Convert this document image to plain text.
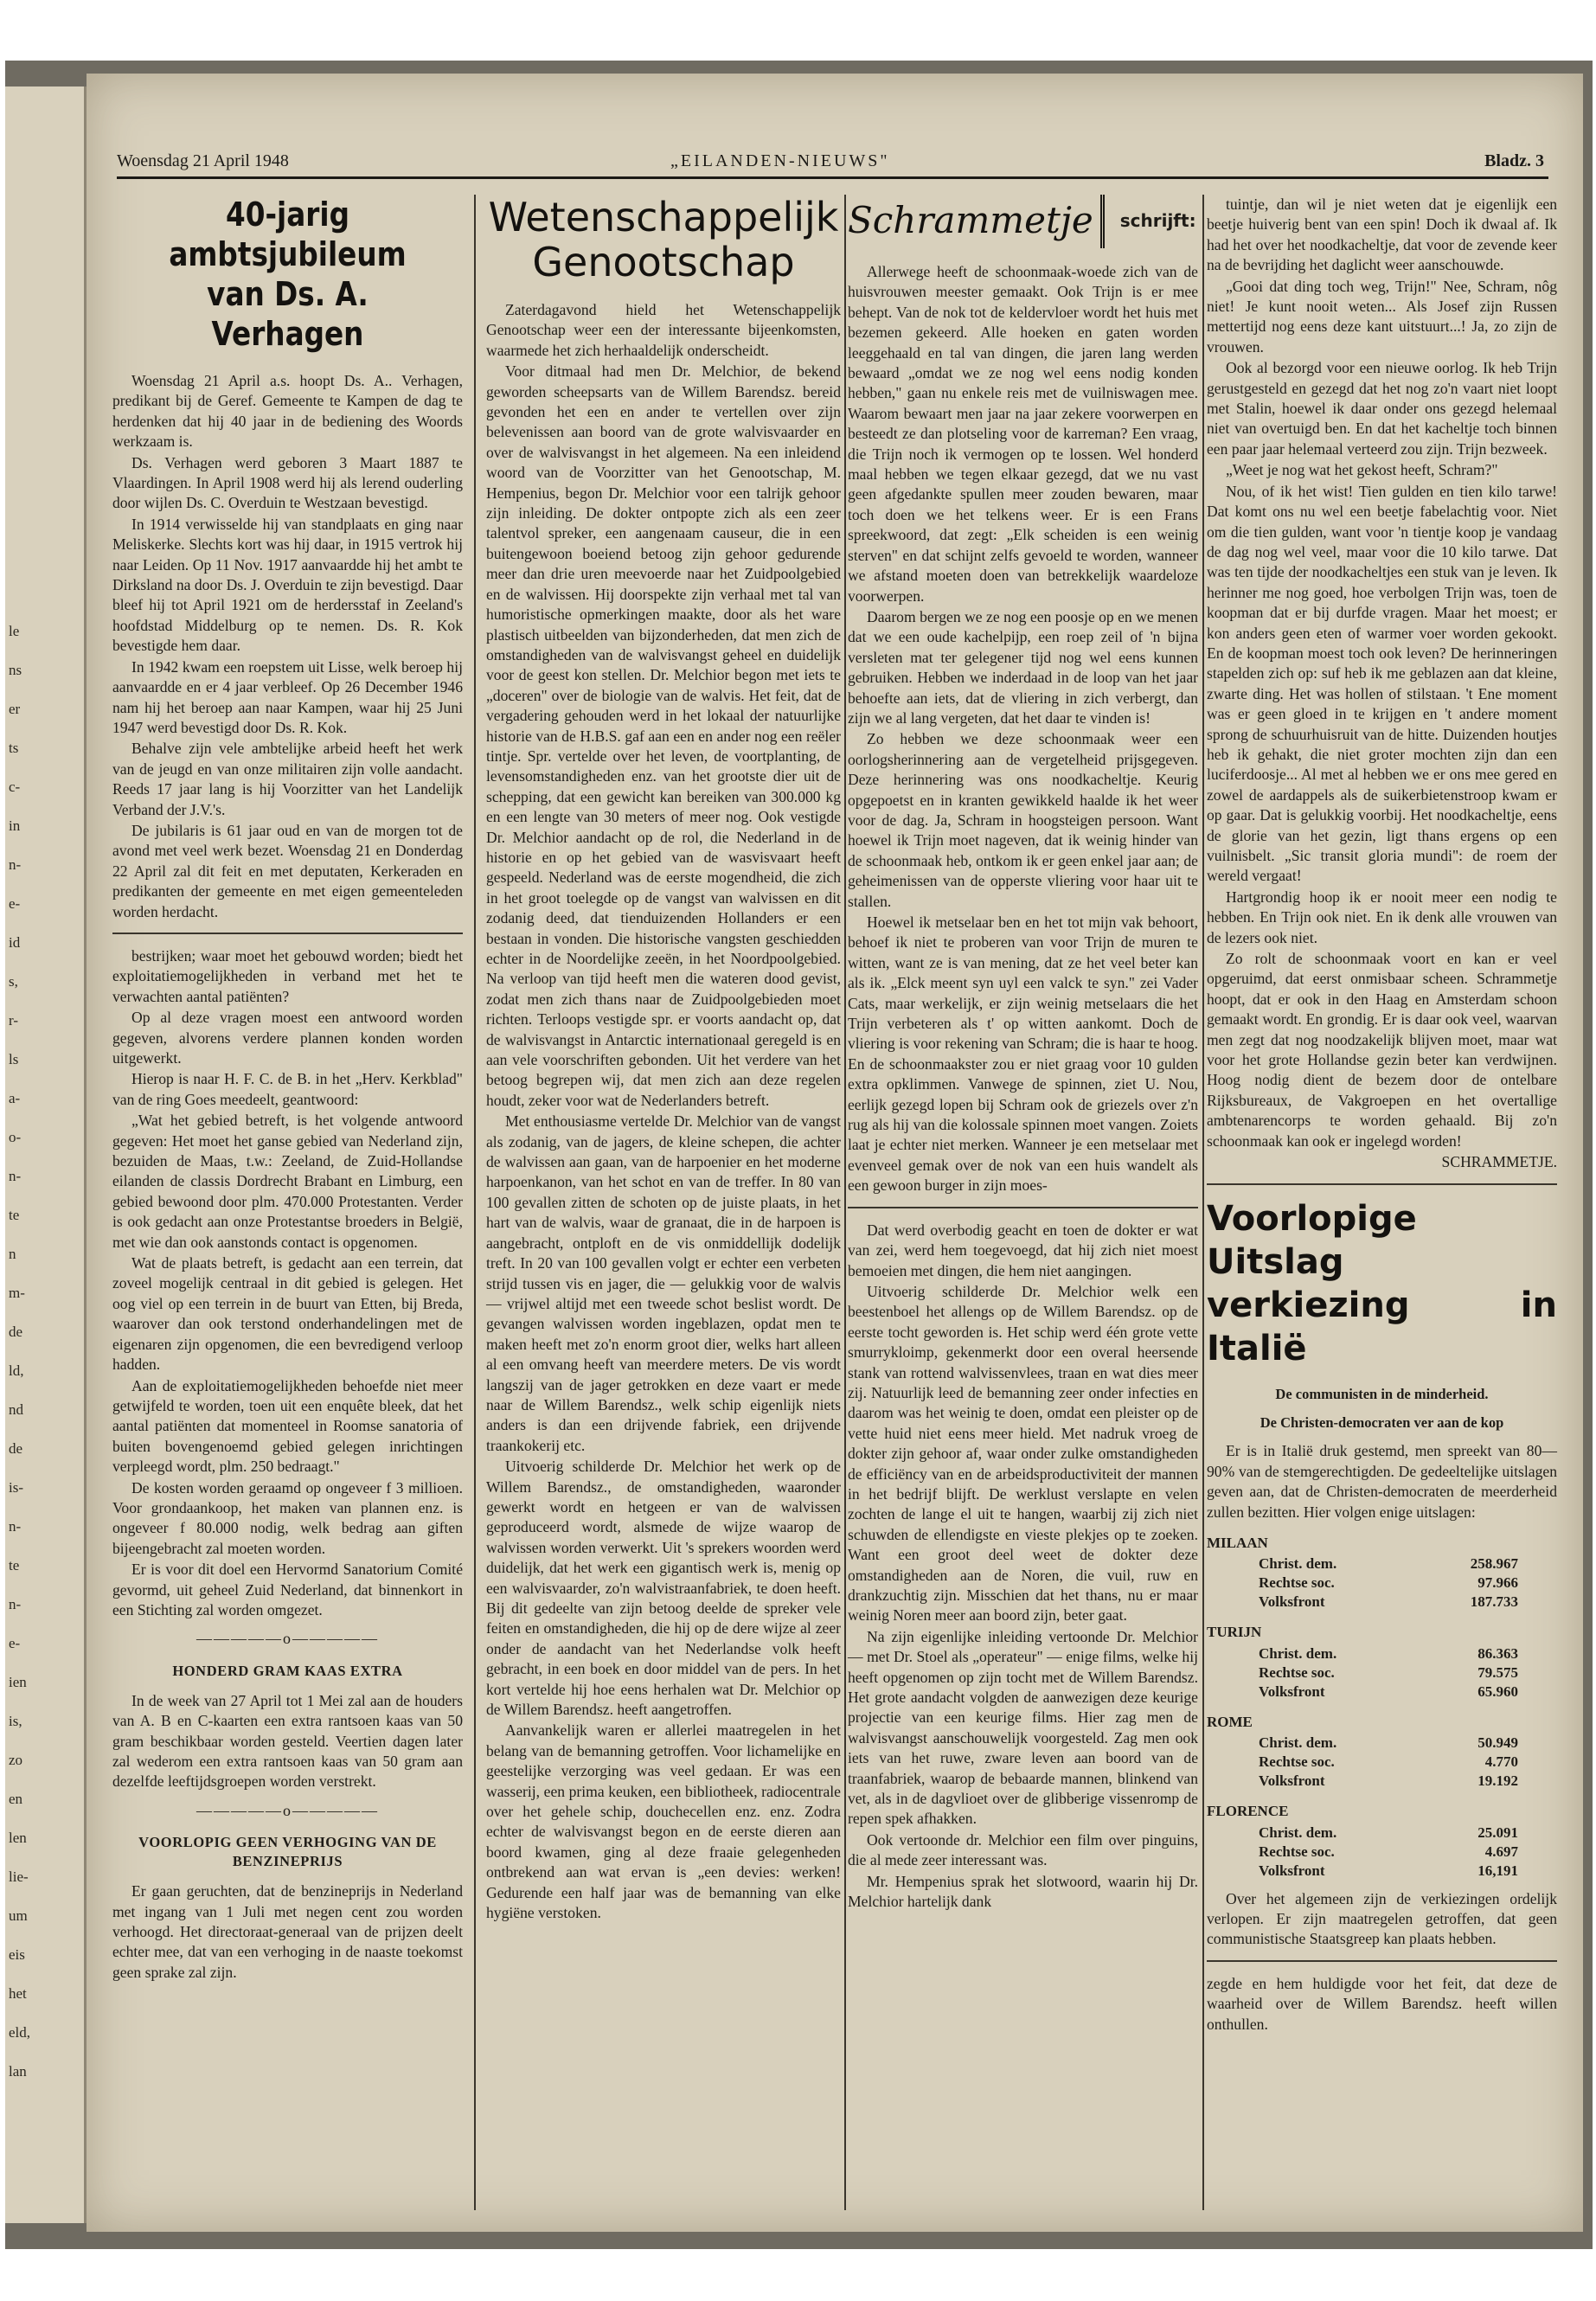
le
ns
er
ts
c-
in
n-
e-
id
s,
r-
ls
a-
o-
n-
te
n
m-
de
ld,
nd
de
is-
n-
te
n-
e-
ien
is,
zo
en
len
lie-
um
eis
het
eld,
lan
Woensdag 21 April 1948	„EILANDEN-NIEUWS"	Bladz. 3
40-jarig ambtsjubileum van Ds. A. Verhagen

Woensdag 21 April a.s. hoopt Ds. A.. Verhagen, predikant bij de Geref. Gemeente te Kampen de dag te herdenken dat hij 40 jaar in de bediening des Woords werkzaam is.

Ds. Verhagen werd geboren 3 Maart 1887 te Vlaardingen. In April 1908 werd hij als lerend ouderling door wijlen Ds. C. Overduin te Westzaan bevestigd.

In 1914 verwisselde hij van standplaats en ging naar Meliskerke. Slechts kort was hij daar, in 1915 vertrok hij naar Leiden. Op 11 Nov. 1917 aanvaardde hij het ambt te Dirksland na door Ds. J. Overduin te zijn bevestigd. Daar bleef hij tot April 1921 om de herdersstaf in Zeeland's hoofdstad Middelburg op te nemen. Ds. R. Kok bevestigde hem daar.

In 1942 kwam een roepstem uit Lisse, welk beroep hij aanvaardde en er 4 jaar verbleef. Op 26 December 1946 nam hij het beroep aan naar Kampen, waar hij 25 Juni 1947 werd bevestigd door Ds. R. Kok.

Behalve zijn vele ambtelijke arbeid heeft het werk van de jeugd en van onze militairen zijn volle aandacht. Reeds 17 jaar lang is hij Voorzitter van het Landelijk Verband der J.V.'s.

De jubilaris is 61 jaar oud en van de morgen tot de avond met veel werk bezet. Woensdag 21 en Donderdag 22 April zal dit feit en met deputaten, Kerkeraden en predikanten der gemeente en met eigen gemeenteleden worden herdacht.

bestrijken; waar moet het gebouwd worden; biedt het exploitatiemogelijkheden in verband met het te verwachten aantal patiënten?

Op al deze vragen moest een antwoord worden gegeven, alvorens verdere plannen konden worden uitgewerkt.

Hierop is naar H. F. C. de B. in het „Herv. Kerkblad" van de ring Goes meedeelt, geantwoord:

„Wat het gebied betreft, is het volgende antwoord gegeven: Het moet het ganse gebied van Nederland zijn, bezuiden de Maas, t.w.: Zeeland, de Zuid-Hollandse eilanden de classis Dordrecht Brabant en Limburg, een gebied bewoond door plm. 470.000 Protestanten. Verder is ook gedacht aan onze Protestantse broeders in België, met wie dan ook aanstonds contact is opgenomen.

Wat de plaats betreft, is gedacht aan een terrein, dat zoveel mogelijk centraal in dit gebied is gelegen. Het oog viel op een terrein in de buurt van Etten, bij Breda, waarover dan ook terstond onderhandelingen met de eigenaren zijn opgenomen, die een bevredigend verloop hadden.

Aan de exploitatiemogelijkheden behoefde niet meer getwijfeld te worden, toen uit een enquête bleek, dat het aantal patiënten dat momenteel in Roomse sanatoria of buiten bovengenoemd gebied gelegen inrichtingen verpleegd wordt, plm. 250 bedraagt."

De kosten worden geraamd op ongeveer f 3 millioen. Voor grondaankoop, het maken van plannen enz. is ongeveer f 80.000 nodig, welk bedrag aan giften bijeengebracht zal moeten worden.

Er is voor dit doel een Hervormd Sanatorium Comité gevormd, uit geheel Zuid Nederland, dat binnenkort in een Stichting zal worden omgezet.

—————o—————
HONDERD GRAM KAAS EXTRA

In de week van 27 April tot 1 Mei zal aan de houders van A. B en C-kaarten een extra rantsoen kaas van 50 gram beschikbaar worden gesteld. Veertien dagen later zal wederom een extra rantsoen kaas van 50 gram aan dezelfde leeftijdsgroepen worden verstrekt.

—————o—————
VOORLOPIG GEEN VERHOGING VAN DE BENZINEPRIJS

Er gaan geruchten, dat de benzineprijs in Nederland met ingang van 1 Juli met negen cent zou worden verhoogd. Het directoraat-generaal van de prijzen deelt echter mee, dat van een verhoging in de naaste toekomst geen sprake zal zijn.

Wetenschappelijk Genootschap

Zaterdagavond hield het Wetenschappelijk Genootschap weer een der interessante bijeenkomsten, waarmede het zich herhaaldelijk onderscheidt.

Voor ditmaal had men Dr. Melchior, de bekend geworden scheepsarts van de Willem Barendsz. bereid gevonden het een en ander te vertellen over zijn belevenissen aan boord van de grote walvisvaarder en over de walvisvangst in het algemeen. Na een inleidend woord van de Voorzitter van het Genootschap, M. Hempenius, begon Dr. Melchior voor een talrijk gehoor zijn inleiding. De dokter ontpopte zich als een zeer talentvol spreker, een aangenaam causeur, die in een buitengewoon boeiend betoog zijn gehoor gedurende meer dan drie uren meevoerde naar het Zuidpoolgebied en de walvissen. Hij doorspekte zijn verhaal met tal van humoristische opmerkingen maakte, door als het ware plastisch uitbeelden van bijzonderheden, dat men zich de omstandigheden van de walvisvangst geheel en duidelijk voor de geest kon stellen. Dr. Melchior begon met iets te „doceren" over de biologie van de walvis. Het feit, dat de vergadering gehouden werd in het lokaal der natuurlijke historie van de H.B.S. gaf aan een en ander nog een reëler tintje. Spr. vertelde over het leven, de voortplanting, de levensomstandigheden enz. van het grootste dier uit de schepping, dat een gewicht kan bereiken van 300.000 kg en een lengte van 30 meters of meer nog. Ook vestigde Dr. Melchior aandacht op de rol, die Nederland in de historie en op het gebied van de wasvisvaart heeft gespeeld. Nederland was de eerste mogendheid, die zich in het groot toelegde op de vangst van walvissen en dit zodanig deed, dat tienduizenden Hollanders er een bestaan in vonden. Die historische vangsten geschiedden echter in de Noordelijke zeeën, in het Noordpoolgebied. Na verloop van tijd heeft men die wateren dood gevist, zodat men zich thans naar de Zuidpoolgebieden moet richten. Terloops vestigde spr. er voorts aandacht op, dat de walvisvangst in Antarctic internationaal geregeld is en aan vele voorschriften gebonden. Uit het verdere van het betoog begrepen wij, dat men zich aan deze regelen houdt, zeker voor wat de Nederlanders betreft.

Met enthousiasme vertelde Dr. Melchior van de vangst als zodanig, van de jagers, de kleine schepen, die achter de walvissen aan gaan, van de harpoenier en het moderne harpoenkanon, van het schot en van de treffer. In 80 van 100 gevallen zitten de schoten op de juiste plaats, in het hart van de walvis, waar de granaat, die in de harpoen is aangebracht, ontploft en de vis onmiddellijk dodelijk treft. In 20 van 100 gevallen volgt er echter een verbeten strijd tussen vis en jager, die — gelukkig voor de walvis — vrijwel altijd met een tweede schot beslist wordt. De gevangen walvissen worden ingeblazen, opdat men te maken heeft met zo'n enorm groot dier, welks hart alleen al een omvang heeft van meerdere meters. De vis wordt langszij van de jager getrokken en deze vaart er mede naar de Willem Barendsz., welk schip eigenlijk niets anders is dan een drijvende fabriek, een drijvende traankokerij etc.

Uitvoerig schilderde Dr. Melchior het werk op de Willem Barendsz., de omstandigheden, waaronder gewerkt wordt en hetgeen er van de walvissen geproduceerd wordt, alsmede de wijze waarop de walvissen worden verwerkt. Uit 's sprekers woorden werd duidelijk, dat het werk een gigantisch werk is, menig op een walvisvaarder, zo'n walvistraanfabriek, te doen heeft. Bij dit gedeelte van zijn betoog deelde de spreker vele feiten en omstandigheden, die hij op de dere wijze al zeer onder de aandacht van het Nederlandse volk heeft gebracht, in een boek en door middel van de pers. In het kort vertelde hij hoe eens herhalen wat Dr. Melchior op de Willem Barendsz. heeft aangetroffen.

Aanvankelijk waren er allerlei maatregelen in het belang van de bemanning getroffen. Voor lichamelijke en geestelijke verzorging was veel gedaan. Er was een wasserij, een prima keuken, een bibliotheek, radiocentrale over het gehele schip, douchecellen enz. enz. Zodra echter de walvisvangst begon en de eerste dieren aan boord kwamen, ging al deze fraaie gelegenheden ontbrekend aan wat ervan is „een devies: werken! Gedurende een half jaar was de bemanning van elke hygiëne verstoken.

Schrammetje	schrijft:

Allerwege heeft de schoonmaak-woede zich van de huisvrouwen meester gemaakt. Ook Trijn is er mee behept. Van de nok tot de keldervloer wordt het huis met bezemen gekeerd. Alle hoeken en gaten worden leeggehaald en tal van dingen, die jaren lang werden bewaard „omdat we ze nog wel eens nodig konden hebben," gaan nu enkele reis met de vuilniswagen mee. Waarom bewaart men jaar na jaar zekere voorwerpen en besteedt ze dan plotseling voor de karreman? Een vraag, die Trijn noch ik vermogen op te lossen. Wel honderd maal hebben we tegen elkaar gezegd, dat we nu vast geen afgedankte spullen meer zouden bewaren, maar toch doen we het telkens weer. Er is een Frans spreekwoord, dat zegt: „Elk scheiden is een weinig sterven" en dat schijnt zelfs gevoeld te worden, wanneer we afstand moeten doen van betrekkelijk waardeloze voorwerpen.

Daarom bergen we ze nog een poosje op en we menen dat we een oude kachelpijp, een roep zeil of 'n bijna versleten mat ter gelegener tijd nog wel eens kunnen gebruiken. Hebben we inderdaad in de loop van het jaar behoefte aan iets, dat de vliering in zich verbergt, dan zijn we al lang vergeten, dat het daar te vinden is!

Zo hebben we deze schoonmaak weer een oorlogsherinnering aan de vergetelheid prijsgegeven. Deze herinnering was ons noodkacheltje. Keurig opgepoetst en in kranten gewikkeld haalde ik het weer voor de dag. Ja, Schram in hoogsteigen persoon. Want hoewel ik Trijn moet nageven, dat ik weinig hinder van de schoonmaak heb, ontkom ik er geen enkel jaar aan; de geheimenissen van de opperste vliering voor haar uit te stallen.

Hoewel ik metselaar ben en het tot mijn vak behoort, behoef ik niet te proberen van voor Trijn de muren te witten, want ze is van mening, dat ze het veel beter kan als ik. „Elck meent syn uyl een valck te syn." zei Vader Cats, maar werkelijk, er zijn weinig metselaars die het Trijn verbeteren als t' op witten aankomt. Doch de vliering is voor rekening van Schram; die is haar te hoog. En de schoonmaakster zou er niet graag voor 10 gulden extra opklimmen. Vanwege de spinnen, ziet U. Nou, eerlijk gezegd lopen bij Schram ook de griezels over z'n rug als hij van die kolossale spinnen moet vangen. Zoiets laat je echter niet merken. Wanneer je een metselaar met evenveel gemak over de nok van een huis wandelt als een gewoon burger in zijn moes-

Dat werd overbodig geacht en toen de dokter er wat van zei, werd hem toegevoegd, dat hij zich niet moest bemoeien met dingen, die hem niet aangingen.

Uitvoerig schilderde Dr. Melchior welk een beestenboel het allengs op de Willem Barendsz. op de eerste tocht geworden is. Het schip werd één grote vette smurrykloimp, gekenmerkt door een overal heersende stank van rottend walvissenvlees, traan en wat dies meer zij. Natuurlijk leed de bemanning zeer onder infecties en daarom was het weinig te doen, omdat een pleister op de vette huid niet eens meer hield. Met nadruk vroeg de dokter zijn gehoor af, waar onder zulke omstandigheden de efficiëncy van en de arbeidsproductiviteit der mannen in het bedrijf blijft. De werklust verslapte en velen zochten de lange el uit te hangen, waarbij zij zich niet schuwden de ellendigste en vieste plekjes op te zoeken. Want een groot deel weet de dokter deze omstandigheden aan de Noren, die vuil, ruw en drankzuchtig zijn. Misschien dat het thans, nu er maar weinig Noren meer aan boord zijn, beter gaat.

Na zijn eigenlijke inleiding vertoonde Dr. Melchior — met Dr. Stoel als „operateur" — enige films, welke hij heeft opgenomen op zijn tocht met de Willem Barendsz. Het grote aandacht volgden de aanwezigen deze keurige projectie van een keurige films. Hier zag men de walvisvangst aanschouwelijk voorgesteld. Zag men ook iets van het ruwe, zware leven aan boord van de traanfabriek, waarop de bebaarde mannen, blinkend van vet, als in de dagvlioet over de glibberige vissenromp de repen spek afhakken.

Ook vertoonde dr. Melchior een film over pinguins, die al mede zeer interessant was.

Mr. Hempenius sprak het slotwoord, waarin hij Dr. Melchior hartelijk dank

tuintje, dan wil je niet weten dat je eigenlijk een beetje huiverig bent van een spin! Doch ik dwaal af. Ik had het over het noodkacheltje, dat voor de zevende keer na de bevrijding het daglicht weer aanschouwde.

„Gooi dat ding toch weg, Trijn!" Nee, Schram, nôg niet! Je kunt nooit weten... Als Josef zijn Russen mettertijd nog eens deze kant uitstuurt...! Ja, zo zijn de vrouwen.

Ook al bezorgd voor een nieuwe oorlog. Ik heb Trijn gerustgesteld en gezegd dat het nog zo'n vaart niet loopt met Stalin, hoewel ik daar onder ons gezegd helemaal niet van overtuigd ben. En dat het kacheltje toch binnen een paar jaar helemaal verteerd zou zijn. Trijn bezweek.

„Weet je nog wat het gekost heeft, Schram?"

Nou, of ik het wist! Tien gulden en tien kilo tarwe! Dat komt ons nu wel een beetje fabelachtig voor. Niet om die tien gulden, want voor 'n tientje koop je vandaag de dag nog wel veel, maar voor die 10 kilo tarwe. Dat was ten tijde der noodkacheltjes een stuk van je leven. Ik herinner me nog goed, hoe verbolgen Trijn was, toen de koopman dat er bij durfde vragen. Maar het moest; er kon anders geen eten of warmer voer worden gekookt. En de koopman moest toch ook leven? De herinneringen stapelden zich op: suf heb ik me geblazen aan dat kleine, zwarte ding. Het was hollen of stilstaan. 't Ene moment was er geen gloed in te krijgen en 't andere moment sprong de schuurhuisruit van de hitte. Duizenden houtjes heb ik gehakt, die niet groter mochten zijn dan een luciferdoosje... Al met al hebben we er ons mee gered en zowel de aardappels als de suikerbietenstroop kwam er op gaar. Dat is gelukkig voorbij. Het noodkacheltje, eens de glorie van het gezin, ligt thans ergens op een vuilnisbelt. „Sic transit gloria mundi": de roem der wereld vergaat!

Hartgrondig hoop ik er nooit meer een nodig te hebben. En Trijn ook niet. En ik denk alle vrouwen van de lezers ook niet.

Zo rolt de schoonmaak voort en kan er veel opgeruimd, dat eerst onmisbaar scheen. Schrammetje hoopt, dat er ook in den Haag en Amsterdam schoon gemaakt wordt. En grondig. Er is daar ook veel, waarvan men zegt dat nog noodzakelijk blijven moet, maar wat voor het grote Hollandse gezin beter kan verdwijnen. Hoog nodig dient de bezem door de ontelbare Rijksbureaux, de Vakgroepen en het overtallige ambtenarencorps te worden gehaald. Bij zo'n schoonmaak kan ook er ingelegd worden!

SCHRAMMETJE.

Voorlopige Uitslag verkiezing in Italië
De communisten in de minderheid.
De Christen-democraten ver aan de kop

Er is in Italië druk gestemd, men spreekt van 80—90% van de stemgerechtigden. De gedeeltelijke uitslagen geven aan, dat de Christen-democraten de meerderheid zullen bezitten. Hier volgen enige uitslagen:

MILAAN
Christ. dem.	258.967
Rechtse soc.	97.966
Volksfront	187.733
TURIJN
Christ. dem.	86.363
Rechtse soc.	79.575
Volksfront	65.960
ROME
Christ. dem.	50.949
Rechtse soc.	4.770
Volksfront	19.192
FLORENCE
Christ. dem.	25.091
Rechtse soc.	4.697
Volksfront	16,191

Over het algemeen zijn de verkiezingen ordelijk verlopen. Er zijn maatregelen getroffen, dat geen communistische Staatsgreep kan plaats hebben.

zegde en hem huldigde voor het feit, dat deze de waarheid over de Willem Barendsz. heeft willen onthullen.
